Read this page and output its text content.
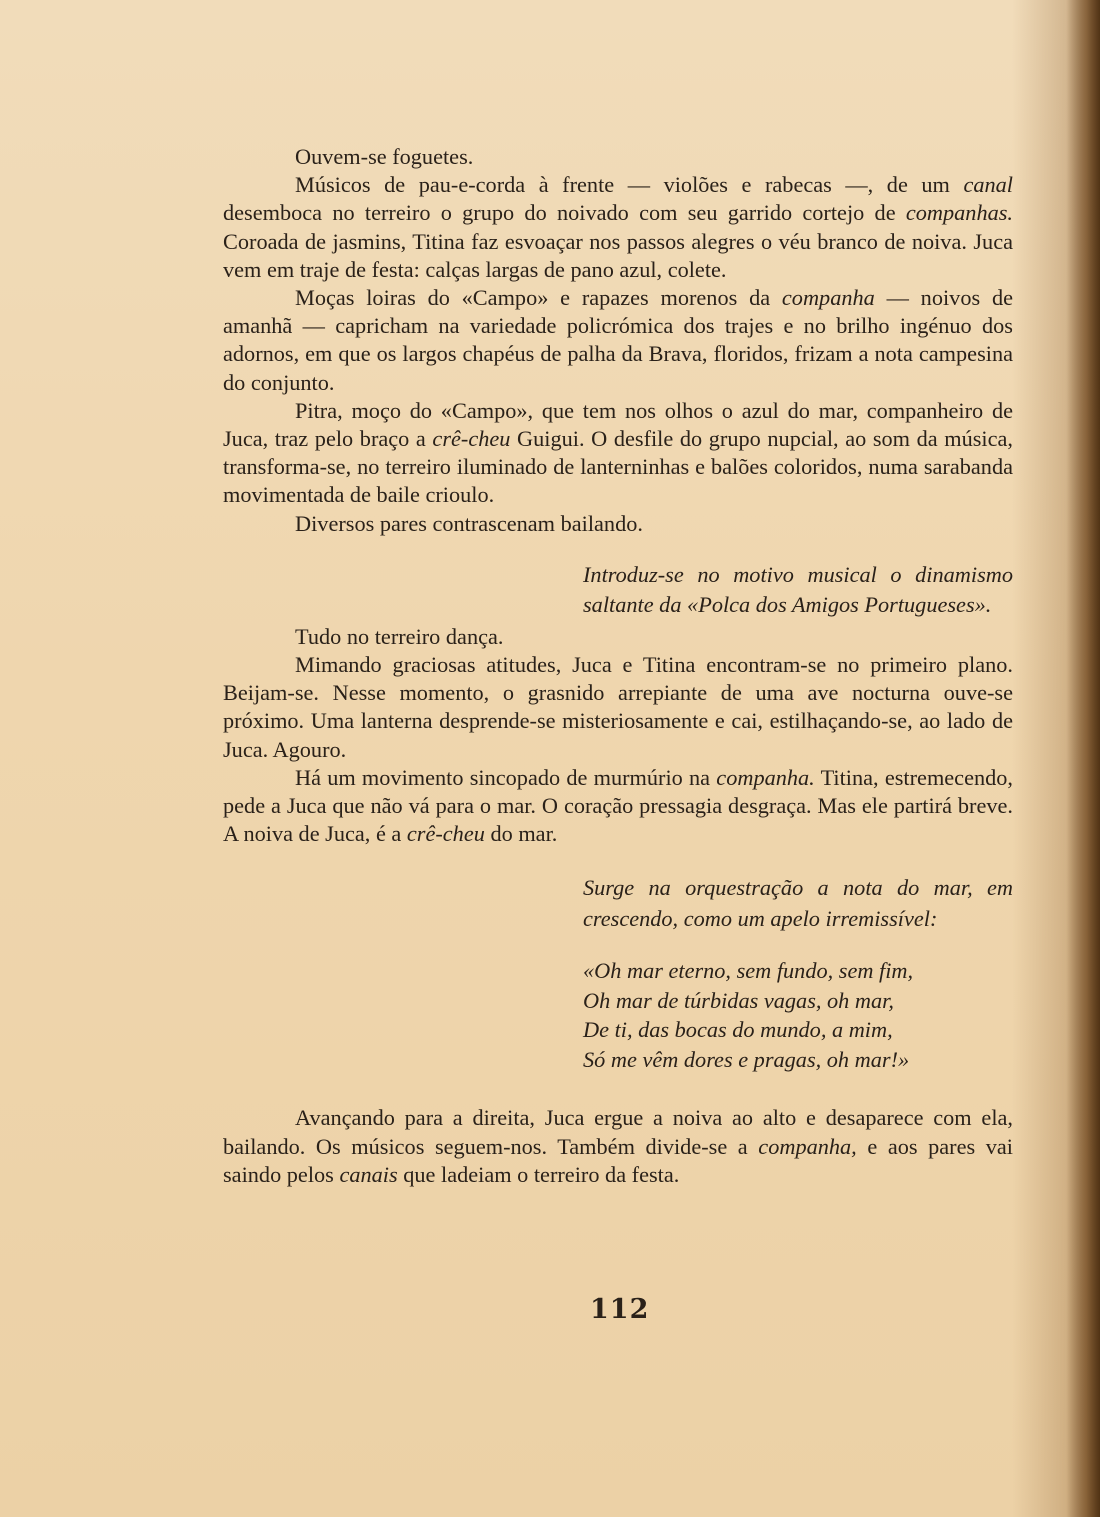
Ouvem-se foguetes.

Músicos de pau-e-corda à frente — violões e rabecas —, de um canal desemboca no terreiro o grupo do noivado com seu garrido cortejo de companhas. Coroada de jasmins, Titina faz esvoaçar nos passos alegres o véu branco de noiva. Juca vem em traje de festa: calças largas de pano azul, colete.

Moças loiras do «Campo» e rapazes morenos da companha — noivos de amanhã — capricham na variedade policrómica dos trajes e no brilho ingénuo dos adornos, em que os largos chapéus de palha da Brava, floridos, frizam a nota campesina do conjunto.

Pitra, moço do «Campo», que tem nos olhos o azul do mar, companheiro de Juca, traz pelo braço a crê-cheu Guigui. O desfile do grupo nupcial, ao som da música, transforma-se, no terreiro iluminado de lanterninhas e balões coloridos, numa sarabanda movimentada de baile crioulo.

Diversos pares contrascenam bailando.

Introduz-se no motivo musical o dinamismo saltante da «Polca dos Amigos Portugueses».

Tudo no terreiro dança.

Mimando graciosas atitudes, Juca e Titina encontram-se no primeiro plano. Beijam-se. Nesse momento, o grasnido arrepiante de uma ave nocturna ouve-se próximo. Uma lanterna desprende-se misteriosamente e cai, estilhaçando-se, ao lado de Juca. Agouro.

Há um movimento sincopado de murmúrio na companha. Titina, estremecendo, pede a Juca que não vá para o mar. O coração pressagia desgraça. Mas ele partirá breve. A noiva de Juca, é a crê-cheu do mar.

Surge na orquestração a nota do mar, em crescendo, como um apelo irremissível:
«Oh mar eterno, sem fundo, sem fim,
Oh mar de túrbidas vagas, oh mar,
De ti, das bocas do mundo, a mim,
Só me vêm dores e pragas, oh mar!»

Avançando para a direita, Juca ergue a noiva ao alto e desaparece com ela, bailando. Os músicos seguem-nos. Também divide-se a companha, e aos pares vai saindo pelos canais que ladeiam o terreiro da festa.

112
